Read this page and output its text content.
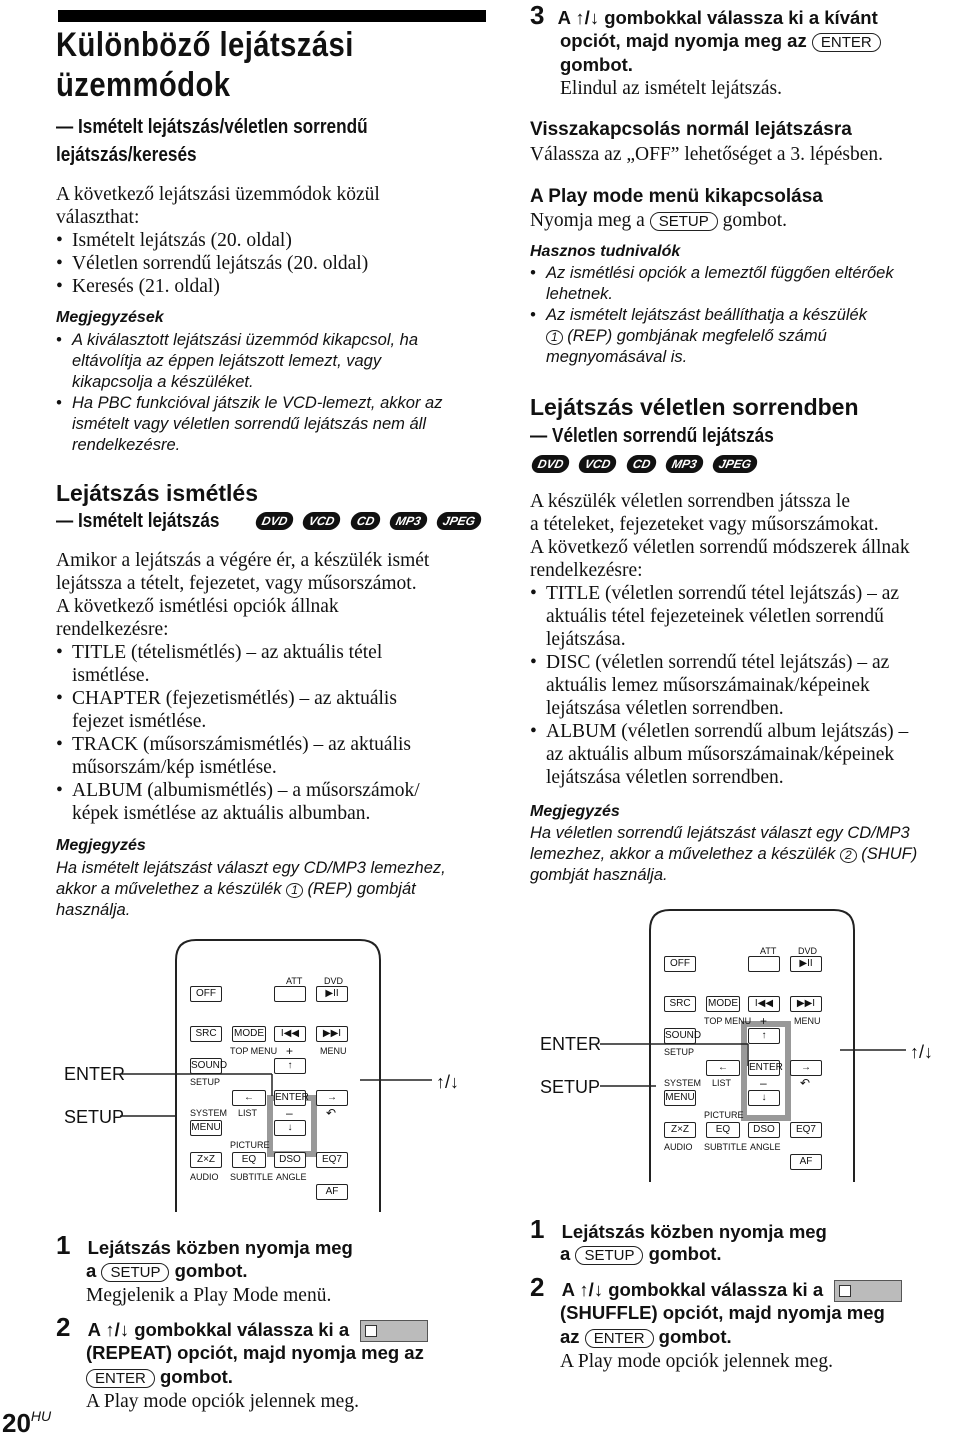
Különböző lejátszási
üzemmódok
— Ismételt lejátszás/véletlen sorrendű
lejátszás/keresés
A következő lejátszási üzemmódok közül
választhat:
• Ismételt lejátszás (20. oldal)
• Véletlen sorrendű lejátszás (20. oldal)
• Keresés (21. oldal)
Megjegyzések
• A kiválasztott lejátszási üzemmód kikapcsol, ha
eltávolítja az éppen lejátszott lemezt, vagy
kikapcsolja a készüléket.
• Ha PBC funkcióval játszik le VCD-lemezt, akkor az
ismételt vagy véletlen sorrendű lejátszás nem áll
rendelkezésre.
Lejátszás ismétlés
— Ismételt lejátszás	DVD VCD CD MP3 JPEG
Amikor a lejátszás a végére ér, a készülék ismét
lejátssza a tételt, fejezetet, vagy műsorszámot.
A következő ismétlési opciók állnak
rendelkezésre:
• TITLE (tételismétlés) – az aktuális tétel
ismétlése.
• CHAPTER (fejezetismétlés) – az aktuális
fejezet ismétlése.
• TRACK (műsorszámismétlés) – az aktuális
műsorszám/kép ismétlése.
• ALBUM (albumismétlés) – a műsorszámok/
képek ismétlése az aktuális albumban.
Megjegyzés
Ha ismételt lejátszást választ egy CD/MP3 lemezhez,
akkor a művelethez a készülék 1 (REP) gombját
használja.
ENTER
SETUP
↑/↓
ATT DVD
OFF	▶II
SRC	MODE	I◀◀	▶▶I
TOP MENU +	MENU
SOUND	↑
SETUP
←	ENTER	→
SYSTEM LIST –	↶
MENU	↓
PICTURE
Z×Z	EQ	DSO	EQ7
AUDIO SUBTITLE ANGLE
AF
1 Lejátszás közben nyomja meg
a SETUP gombot.
Megjelenik a Play Mode menü.
2 A ↑/↓ gombokkal válassza ki a
(REPEAT) opciót, majd nyomja meg az
ENTER gombot.
A Play mode opciók jelennek meg.
20HU
3 A ↑/↓ gombokkal válassza ki a kívánt
opciót, majd nyomja meg az ENTER
gombot.
Elindul az ismételt lejátszás.
Visszakapcsolás normál lejátszásra
Válassza az „OFF” lehetőséget a 3. lépésben.
A Play mode menü kikapcsolása
Nyomja meg a SETUP gombot.
Hasznos tudnivalók
• Az ismétlési opciók a lemeztől függően eltérőek
lehetnek.
• Az ismételt lejátszást beállíthatja a készülék
1 (REP) gombjának megfelelő számú
megnyomásával is.
Lejátszás véletlen sorrendben
— Véletlen sorrendű lejátszás
DVD VCD CD MP3 JPEG
A készülék véletlen sorrendben játssza le
a tételeket, fejezeteket vagy műsorszámokat.
A következő véletlen sorrendű módszerek állnak
rendelkezésre:
• TITLE (véletlen sorrendű tétel lejátszás) – az
aktuális tétel fejezeteinek véletlen sorrendű
lejátszása.
• DISC (véletlen sorrendű tétel lejátszás) – az
aktuális lemez műsorszámainak/képeinek
lejátszása véletlen sorrendben.
• ALBUM (véletlen sorrendű album lejátszás) –
az aktuális album műsorszámainak/képeinek
lejátszása véletlen sorrendben.
Megjegyzés
Ha véletlen sorrendű lejátszást választ egy CD/MP3
lemezhez, akkor a művelethez a készülék 2 (SHUF)
gombját használja.
ENTER
SETUP
↑/↓
ATT DVD
OFF	▶II
SRC	MODE	I◀◀	▶▶I
TOP MENU +	MENU
SOUND	↑
SETUP
←	ENTER	→
SYSTEM LIST –	↶
MENU	↓
PICTURE
Z×Z	EQ	DSO	EQ7
AUDIO SUBTITLE ANGLE
AF
1 Lejátszás közben nyomja meg
a SETUP gombot.
2 A ↑/↓ gombokkal válassza ki a
(SHUFFLE) opciót, majd nyomja meg
az ENTER gombot.
A Play mode opciók jelennek meg.
